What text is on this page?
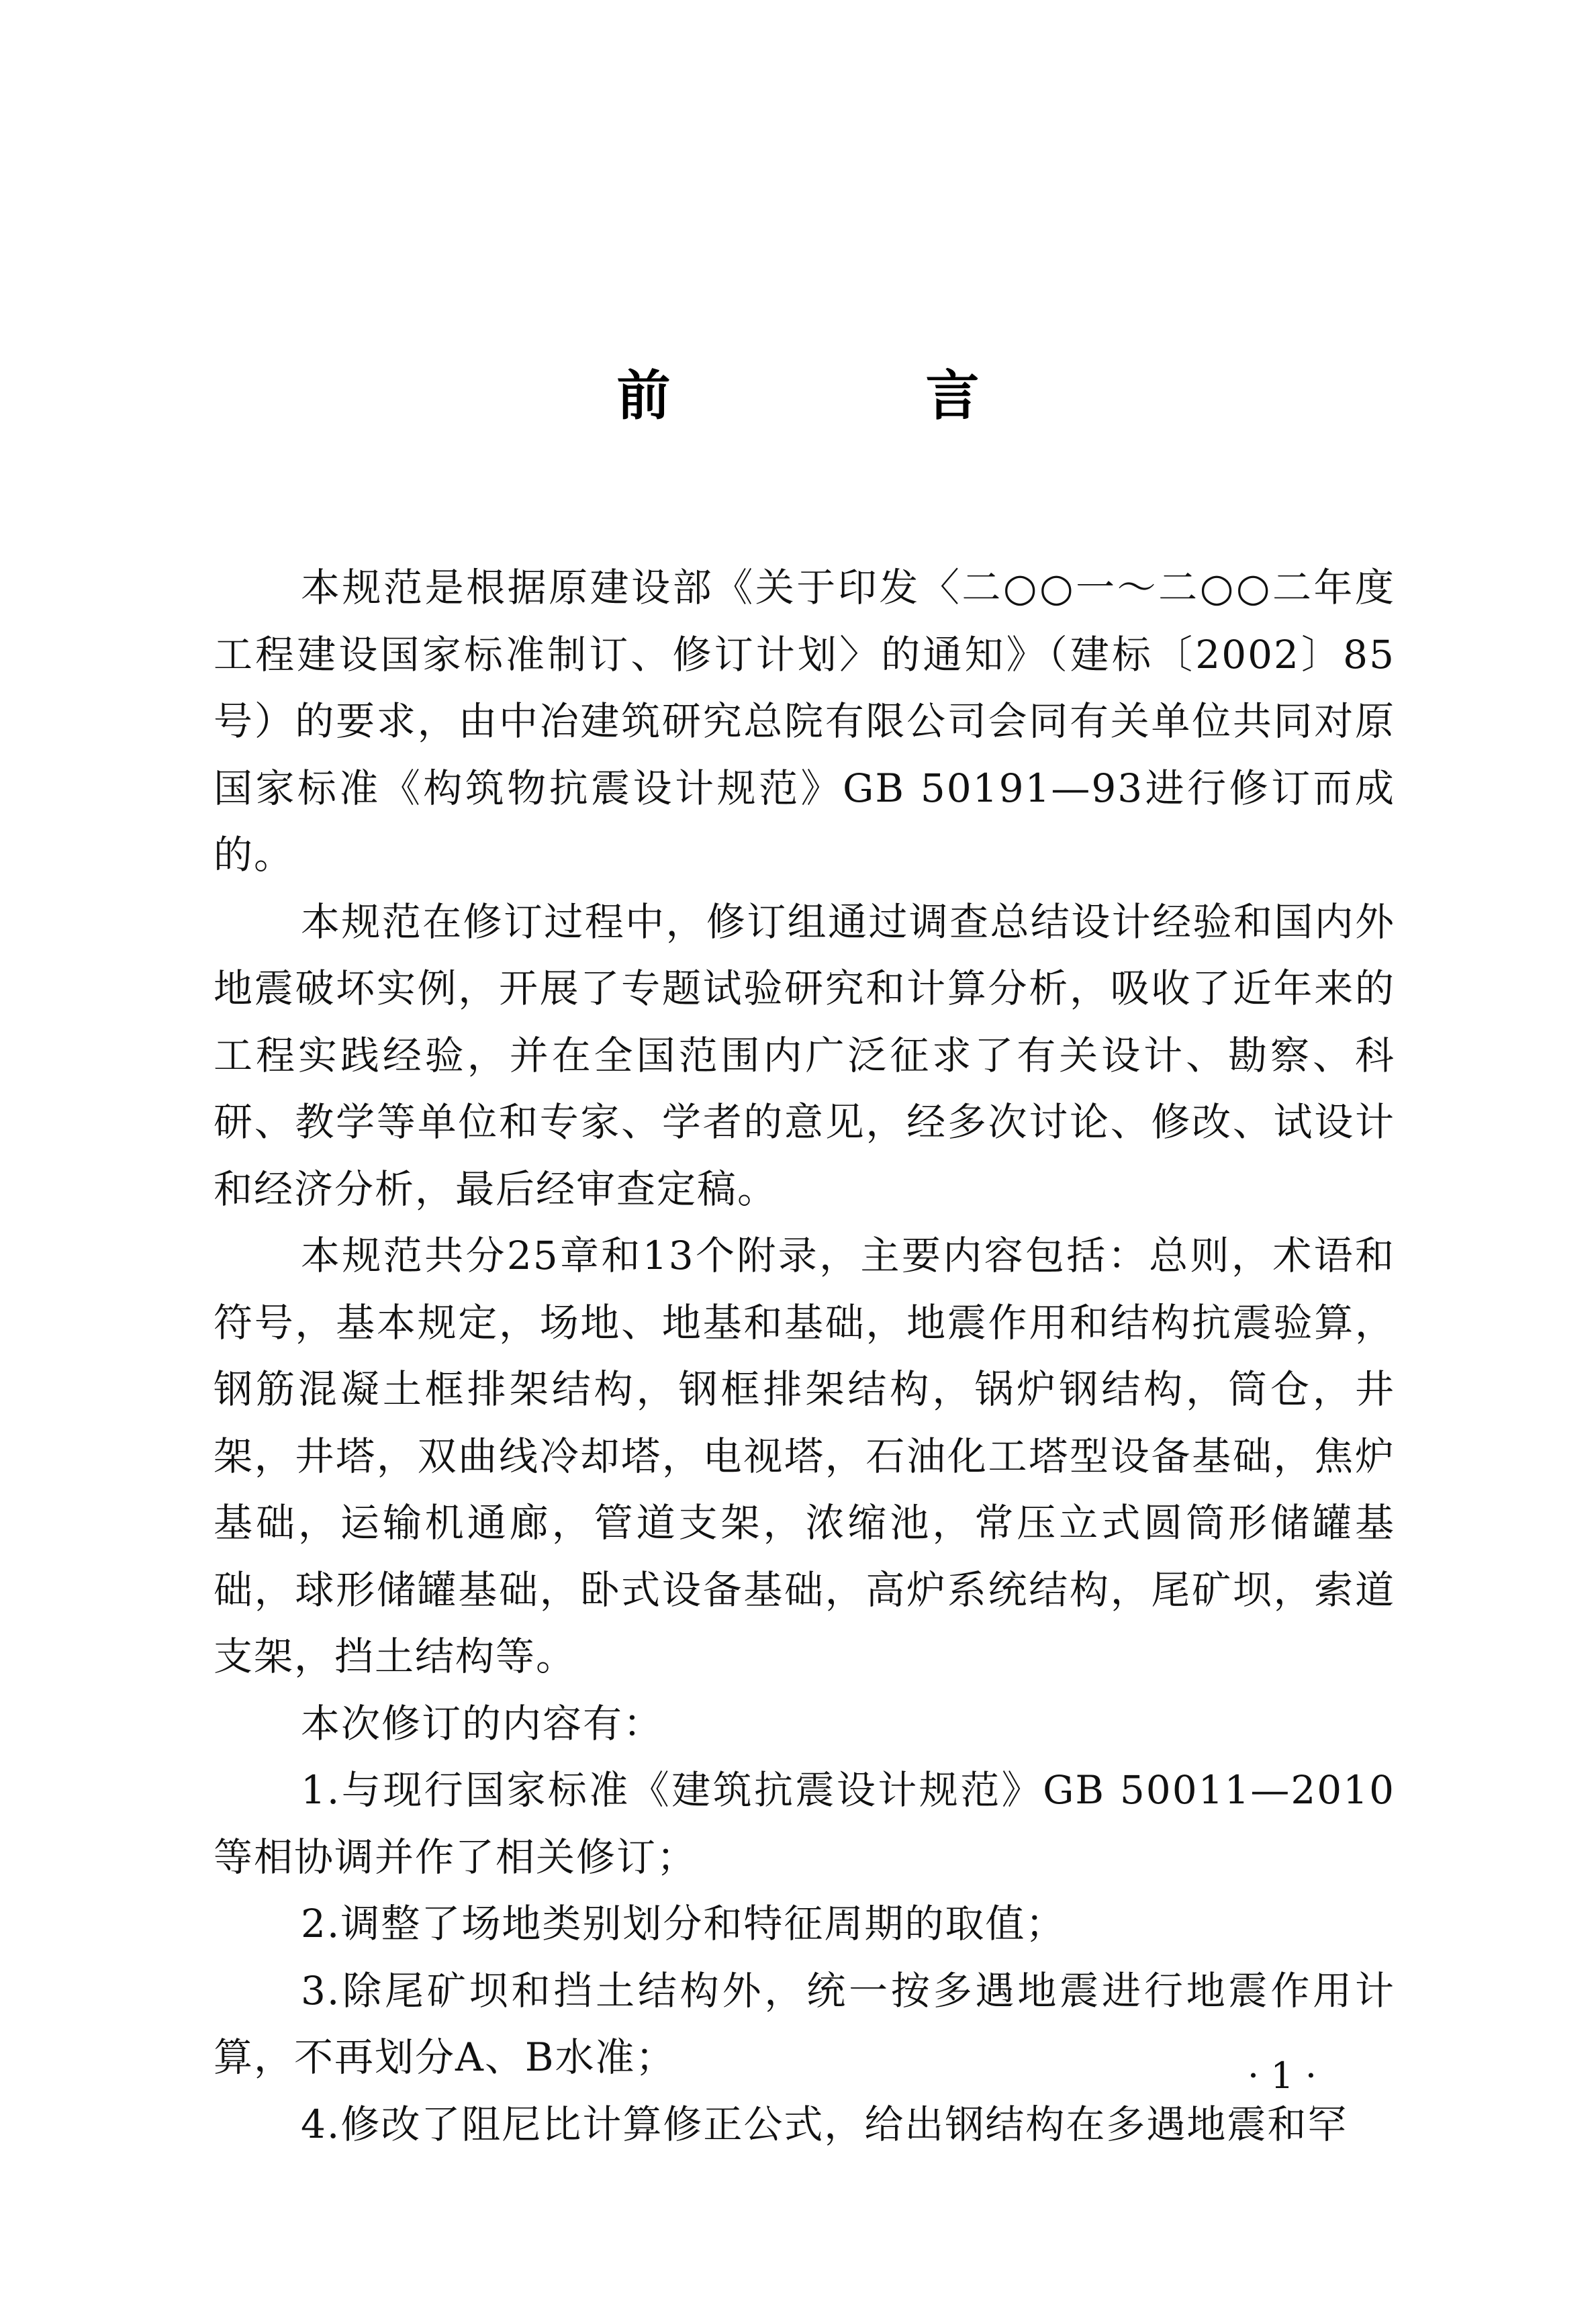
前　言

本规范是根据原建设部《关于印发〈二○○一～二○○二年度工程建设国家标准制订、修订计划〉的通知》（建标〔2002〕85号）的要求，由中冶建筑研究总院有限公司会同有关单位共同对原国家标准《构筑物抗震设计规范》GB 50191—93进行修订而成的。

本规范在修订过程中，修订组通过调查总结设计经验和国内外地震破坏实例，开展了专题试验研究和计算分析，吸收了近年来的工程实践经验，并在全国范围内广泛征求了有关设计、勘察、科研、教学等单位和专家、学者的意见，经多次讨论、修改、试设计和经济分析，最后经审查定稿。

本规范共分25章和13个附录，主要内容包括：总则，术语和符号，基本规定，场地、地基和基础，地震作用和结构抗震验算，钢筋混凝土框排架结构，钢框排架结构，锅炉钢结构，筒仓，井架，井塔，双曲线冷却塔，电视塔，石油化工塔型设备基础，焦炉基础，运输机通廊，管道支架，浓缩池，常压立式圆筒形储罐基础，球形储罐基础，卧式设备基础，高炉系统结构，尾矿坝，索道支架，挡土结构等。

本次修订的内容有：

1.与现行国家标准《建筑抗震设计规范》GB 50011—2010等相协调并作了相关修订；

2.调整了场地类别划分和特征周期的取值；

3.除尾矿坝和挡土结构外，统一按多遇地震进行地震作用计算，不再划分A、B水准；

4.修改了阻尼比计算修正公式，给出钢结构在多遇地震和罕

· 1 ·
